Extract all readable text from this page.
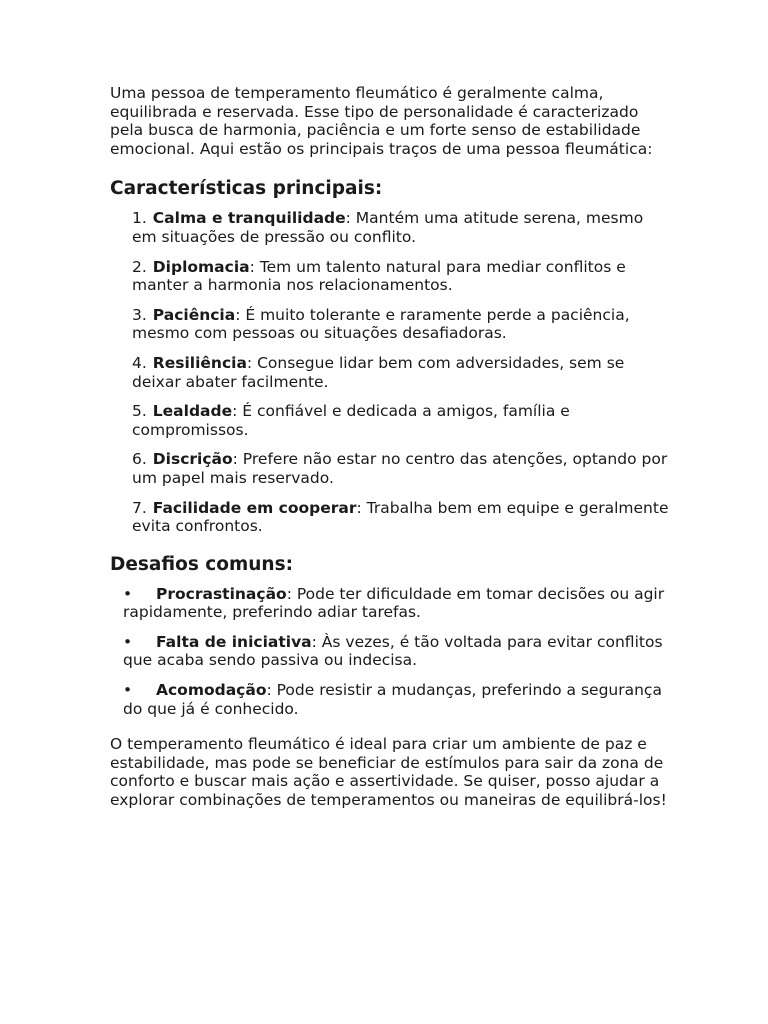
Uma pessoa de temperamento fleumático é geralmente calma, equilibrada e reservada. Esse tipo de personalidade é caracterizado pela busca de harmonia, paciência e um forte senso de estabilidade emocional. Aqui estão os principais traços de uma pessoa fleumática:

Características principais:
1. Calma e tranquilidade: Mantém uma atitude serena, mesmo em situações de pressão ou conflito.
2. Diplomacia: Tem um talento natural para mediar conflitos e manter a harmonia nos relacionamentos.
3. Paciência: É muito tolerante e raramente perde a paciência, mesmo com pessoas ou situações desafiadoras.
4. Resiliência: Consegue lidar bem com adversidades, sem se deixar abater facilmente.
5. Lealdade: É confiável e dedicada a amigos, família e compromissos.
6. Discrição: Prefere não estar no centro das atenções, optando por um papel mais reservado.
7. Facilidade em cooperar: Trabalha bem em equipe e geralmente evita confrontos.
Desafios comuns:
• Procrastinação: Pode ter dificuldade em tomar decisões ou agir rapidamente, preferindo adiar tarefas.
• Falta de iniciativa: Às vezes, é tão voltada para evitar conflitos que acaba sendo passiva ou indecisa.
• Acomodação: Pode resistir a mudanças, preferindo a segurança do que já é conhecido.

O temperamento fleumático é ideal para criar um ambiente de paz e estabilidade, mas pode se beneficiar de estímulos para sair da zona de conforto e buscar mais ação e assertividade. Se quiser, posso ajudar a explorar combinações de temperamentos ou maneiras de equilibrá-los!
